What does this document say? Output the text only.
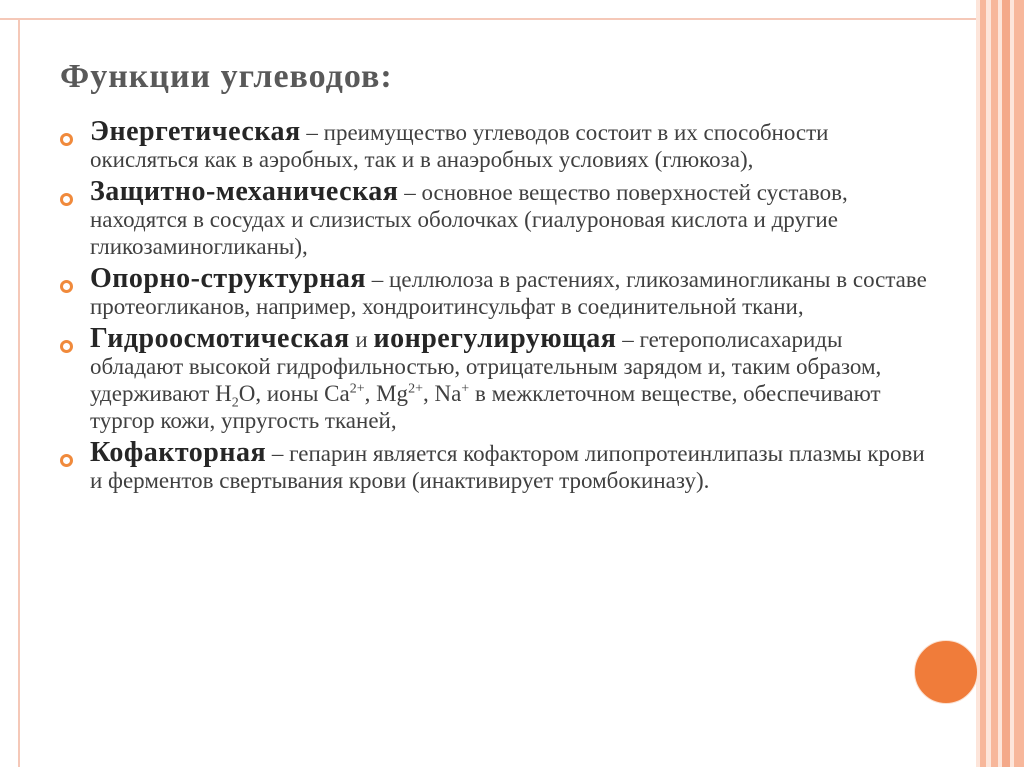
Функции углеводов:
Энергетическая – преимущество углеводов состоит в их способности окисляться как в аэробных, так и в анаэробных условиях (глюкоза),
Защитно-механическая – основное вещество поверхностей суставов, находятся в сосудах и слизистых оболочках (гиалуроновая кислота и другие гликозаминогликаны),
Опорно-структурная – целлюлоза в растениях, гликозаминогликаны в составе протеогликанов, например, хондроитинсульфат в соединительной ткани,
Гидроосмотическая и ионрегулирующая – гетерополисахариды обладают высокой гидрофильностью, отрицательным зарядом и, таким образом, удерживают $H_2O$, ионы $Ca^{2+}$, $Mg^{2+}$, Na+ в межклеточном веществе, обеспечивают тургор кожи, упругость тканей,
Кофакторная – гепарин является кофактором липопротеинлипазы плазмы крови и ферментов свертывания крови (инактивирует тромбокиназу).
